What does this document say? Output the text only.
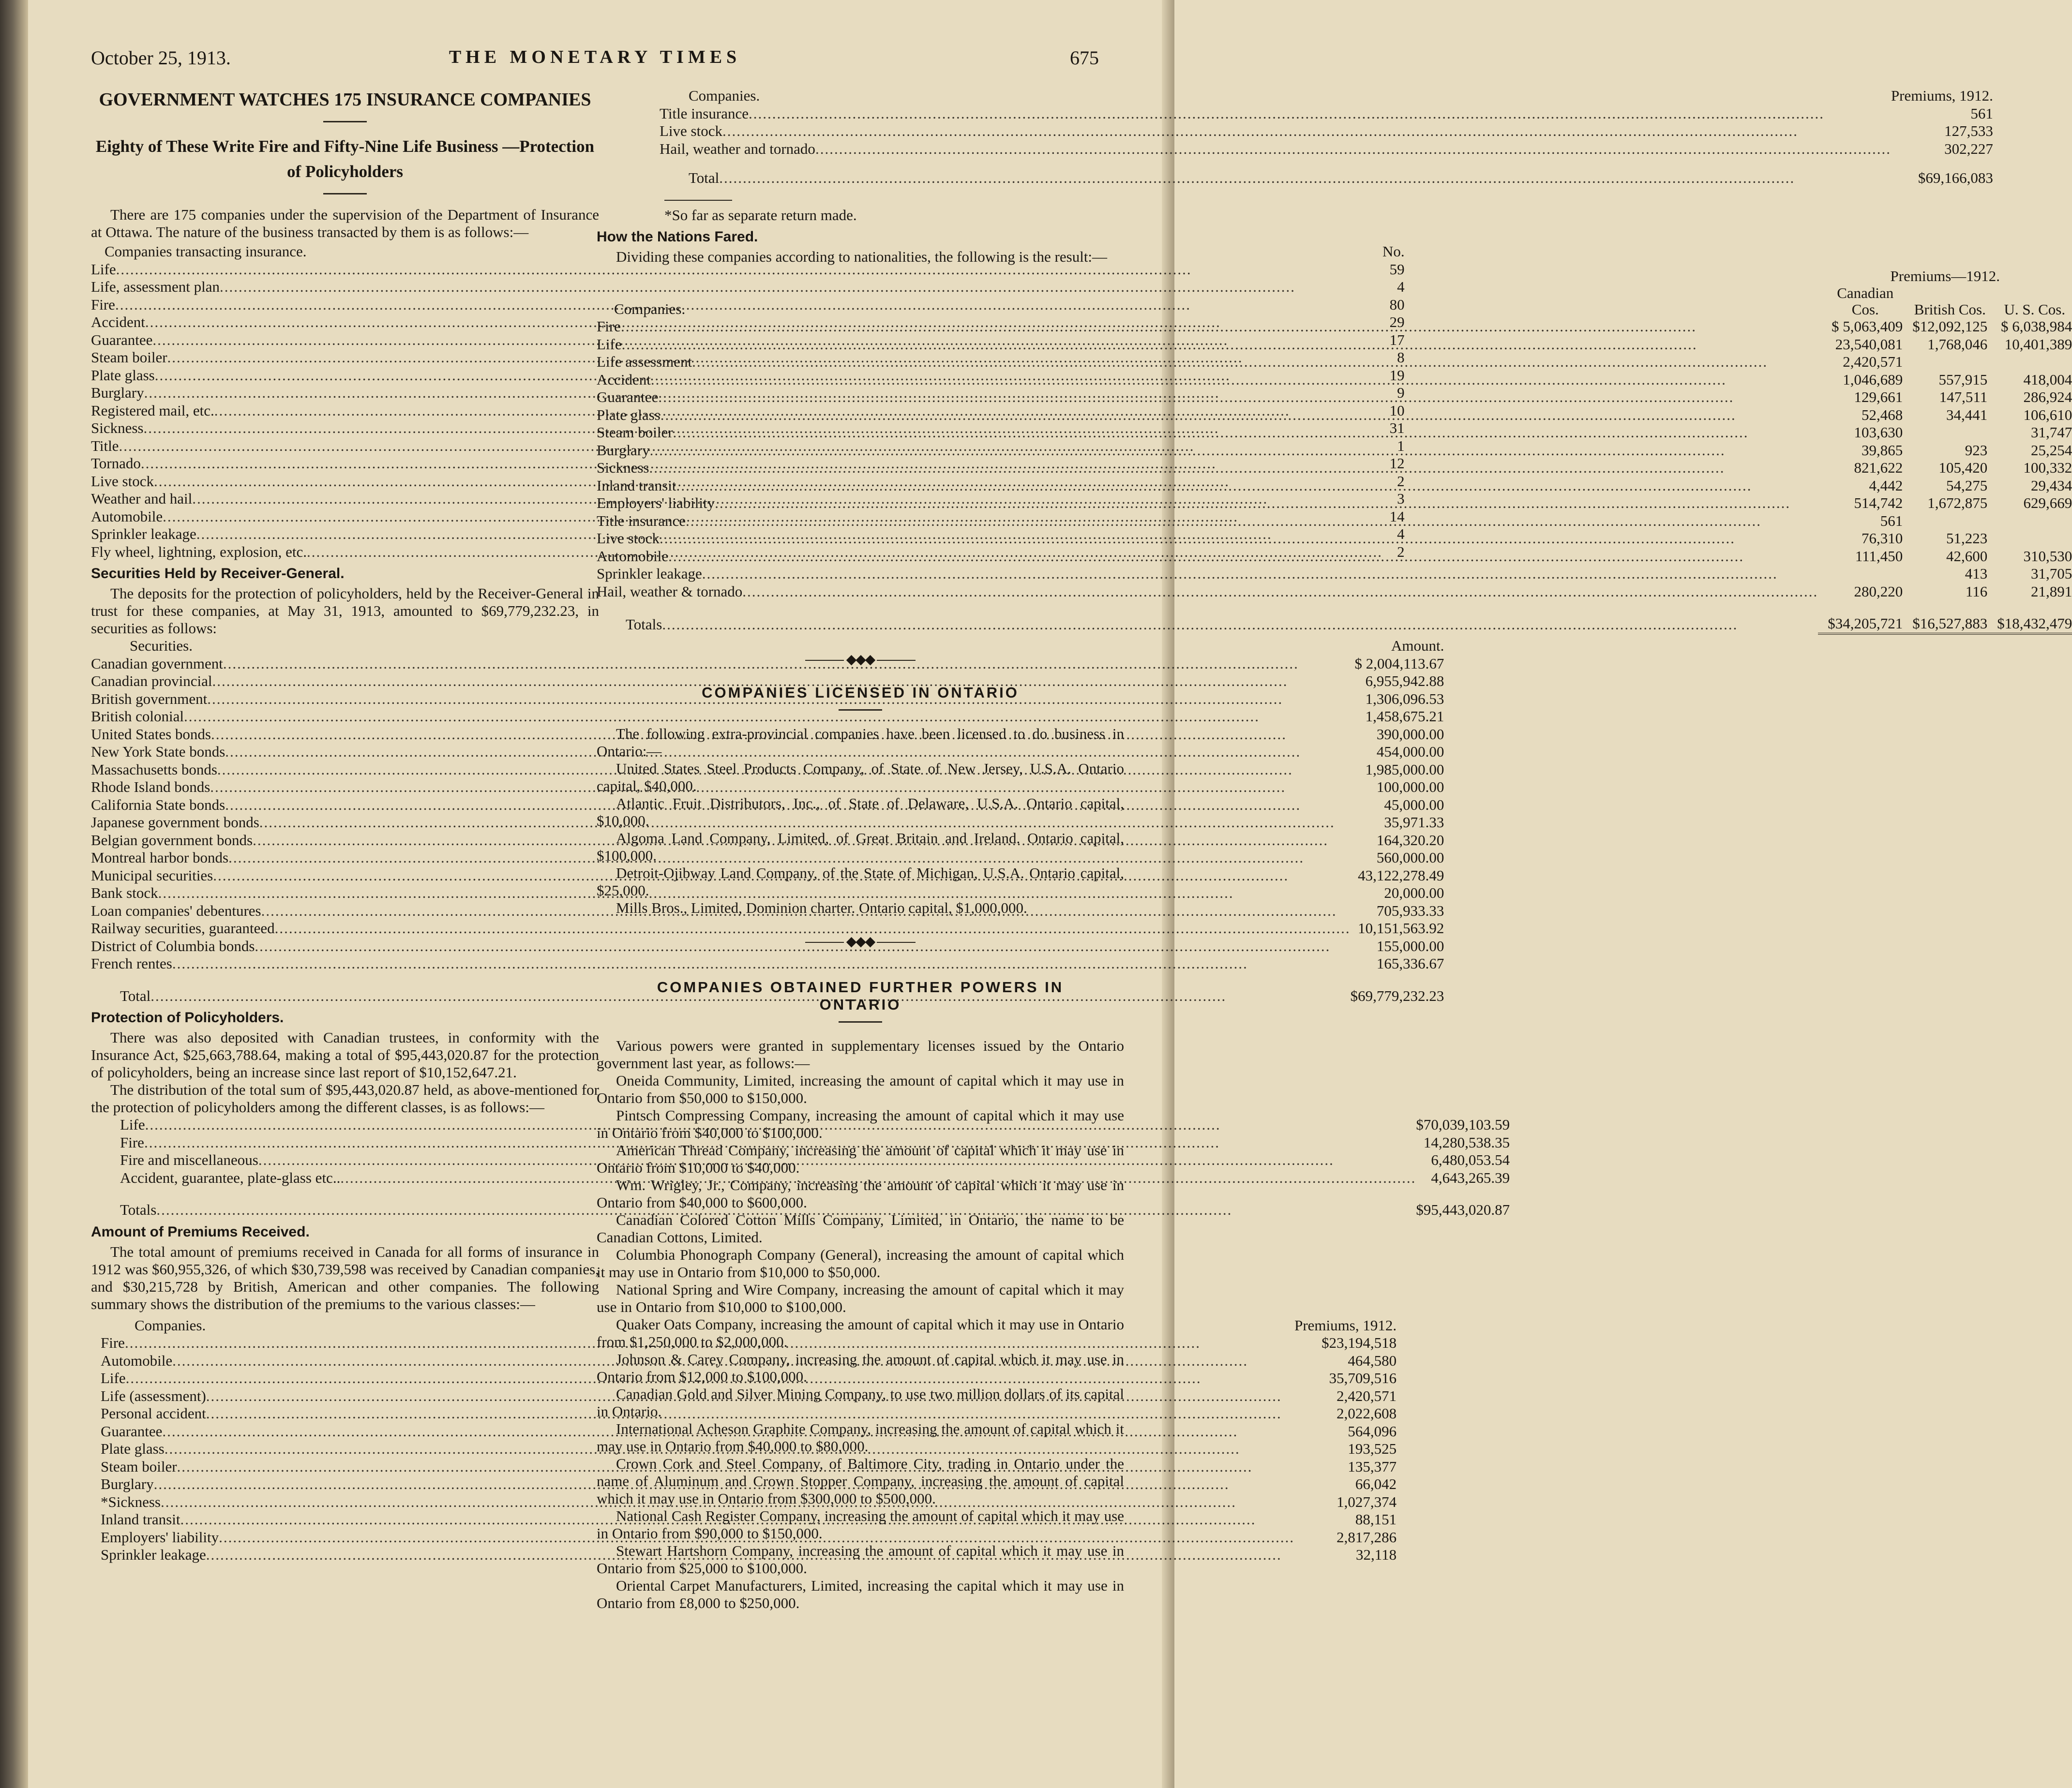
October 25, 1913.	THE MONETARY TIMES	675
GOVERNMENT WATCHES 175 INSURANCE COMPANIES
Eighty of These Write Fire and Fifty-Nine Life Business —Protection of Policyholders

There are 175 companies under the supervision of the Department of Insurance at Ottawa. The nature of the business transacted by them is as follows:—

Companies transacting insurance.	No.

Life
.....	59

Life, assessment plan
.....	4

Fire
.....	80

Accident
.....	29

Guarantee
.....	17

Steam boiler
.....	8

Plate glass
.....	19

Burglary
.....	9

Registered mail, etc.
.....	10

Sickness
.....	31

Title
.....	1

Tornado
.....	12

Live stock
.....	2

Weather and hail
.....	3

Automobile
.....	14

Sprinkler leakage
.....	4

Fly wheel, lightning, explosion, etc.
.....	2
Securities Held by Receiver-General.

The deposits for the protection of policyholders, held by the Receiver-General in trust for these companies, at May 31, 1913, amounted to $69,779,232.23, in securities as follows:

Securities.	Amount.

Canadian government
.....	$ 2,004,113.67

Canadian provincial
.....	6,955,942.88

British government
.....	1,306,096.53

British colonial
.....	1,458,675.21

United States bonds
.....	390,000.00

New York State bonds
.....	454,000.00

Massachusetts bonds
.....	1,985,000.00

Rhode Island bonds
.....	100,000.00

California State bonds
.....	45,000.00

Japanese government bonds
.....	35,971.33

Belgian government bonds
.....	164,320.20

Montreal harbor bonds
.....	560,000.00

Municipal securities
.....	43,122,278.49

Bank stock
.....	20,000.00

Loan companies' debentures
.....	705,933.33

Railway securities, guaranteed
.....	10,151,563.92

District of Columbia bonds
.....	155,000.00

French rentes
.....	165,336.67

Total
.....	$69,779,232.23
Protection of Policyholders.

There was also deposited with Canadian trustees, in conformity with the Insurance Act, $25,663,788.64, making a total of $95,443,020.87 for the protection of policyholders, being an increase since last report of $10,152,647.21.

The distribution of the total sum of $95,443,020.87 held, as above-mentioned for the protection of policyholders among the different classes, is as follows:—

Life
.....	$70,039,103.59

Fire
.....	14,280,538.35

Fire and miscellaneous
.....	6,480,053.54

Accident, guarantee, plate-glass etc..
.....	4,643,265.39

Totals
.....	$95,443,020.87
Amount of Premiums Received.

The total amount of premiums received in Canada for all forms of insurance in 1912 was $60,955,326, of which $30,739,598 was received by Canadian companies, and $30,215,728 by British, American and other companies. The following summary shows the distribution of the premiums to the various classes:—

Companies.	Premiums, 1912.

Fire
.....	$23,194,518

Automobile
.....	464,580

Life
.....	35,709,516

Life (assessment)
.....	2,420,571

Personal accident
.....	2,022,608

Guarantee
.....	564,096

Plate glass
.....	193,525

Steam boiler
.....	135,377

Burglary
.....	66,042

*Sickness
.....	1,027,374

Inland transit
.....	88,151

Employers' liability
.....	2,817,286

Sprinkler leakage
.....	32,118
Companies.	Premiums, 1912.

Title insurance
.....	561

Live stock
.....	127,533

Hail, weather and tornado
.....	302,227

Total
.....	$69,166,083

*So far as separate return made.

How the Nations Fared.

Dividing these companies according to nationalities, the following is the result:—

	Premiums—1912.		
Companies.	Canadian Cos.	British Cos.	U. S. Cos.

Fire
.....	$ 5,063,409	$12,092,125	$ 6,038,984

Life
.....	23,540,081	1,768,046	10,401,389

Life assessment
.....	2,420,571		

Accident
.....	1,046,689	557,915	418,004

Guarantee
.....	129,661	147,511	286,924

Plate glass
.....	52,468	34,441	106,610

Steam boiler
.....	103,630		31,747

Burglary
.....	39,865	923	25,254

Sickness
.....	821,622	105,420	100,332

Inland transit
.....	4,442	54,275	29,434

Employers' liability
.....	514,742	1,672,875	629,669

Title insurance
.....	561		

Live stock
.....	76,310	51,223	

Automobile
.....	111,450	42,600	310,530

Sprinkler leakage
.....		413	31,705

Hail, weather & tornado
.....	280,220	116	21,891

Totals
.....	$34,205,721	$16,527,883	$18,432,479
◆◆◆

COMPANIES LICENSED IN ONTARIO

The following extra-provincial companies have been licensed to do business in Ontario:—

United States Steel Products Company, of State of New Jersey, U.S.A. Ontario capital, $40,000.

Atlantic Fruit Distributors, Inc., of State of Delaware, U.S.A. Ontario capital, $10,000.

Algoma Land Company, Limited, of Great Britain and Ireland. Ontario capital, $100,000.

Detroit-Ojibway Land Company, of the State of Michigan, U.S.A. Ontario capital, $25,000.

Mills Bros., Limited, Dominion charter. Ontario capital, $1,000,000.

◆◆◆

COMPANIES OBTAINED FURTHER POWERS IN ONTARIO

Various powers were granted in supplementary licenses issued by the Ontario government last year, as follows:—

Oneida Community, Limited, increasing the amount of capital which it may use in Ontario from $50,000 to $150,000.

Pintsch Compressing Company, increasing the amount of capital which it may use in Ontario from $40,000 to $100,000.

American Thread Company, increasing the amount of capital which it may use in Ontario from $10,000 to $40,000.

Wm. Wrigley, Jr., Company, increasing the amount of capital which it may use in Ontario from $40,000 to $600,000.

Canadian Colored Cotton Mills Company, Limited, in Ontario, the name to be Canadian Cottons, Limited.

Columbia Phonograph Company (General), increasing the amount of capital which it may use in Ontario from $10,000 to $50,000.

National Spring and Wire Company, increasing the amount of capital which it may use in Ontario from $10,000 to $100,000.

Quaker Oats Company, increasing the amount of capital which it may use in Ontario from $1,250,000 to $2,000,000.

Johnson & Carey Company, increasing the amount of capital which it may use in Ontario from $12,000 to $100,000.

Canadian Gold and Silver Mining Company, to use two million dollars of its capital in Ontario.

International Acheson Graphite Company, increasing the amount of capital which it may use in Ontario from $40,000 to $80,000.

Crown Cork and Steel Company, of Baltimore City, trading in Ontario under the name of Aluminum and Crown Stopper Company, increasing the amount of capital which it may use in Ontario from $300,000 to $500,000.

National Cash Register Company, increasing the amount of capital which it may use in Ontario from $90,000 to $150,000.

Stewart Hartshorn Company, increasing the amount of capital which it may use in Ontario from $25,000 to $100,000.

Oriental Carpet Manufacturers, Limited, increasing the capital which it may use in Ontario from £8,000 to $250,000.
